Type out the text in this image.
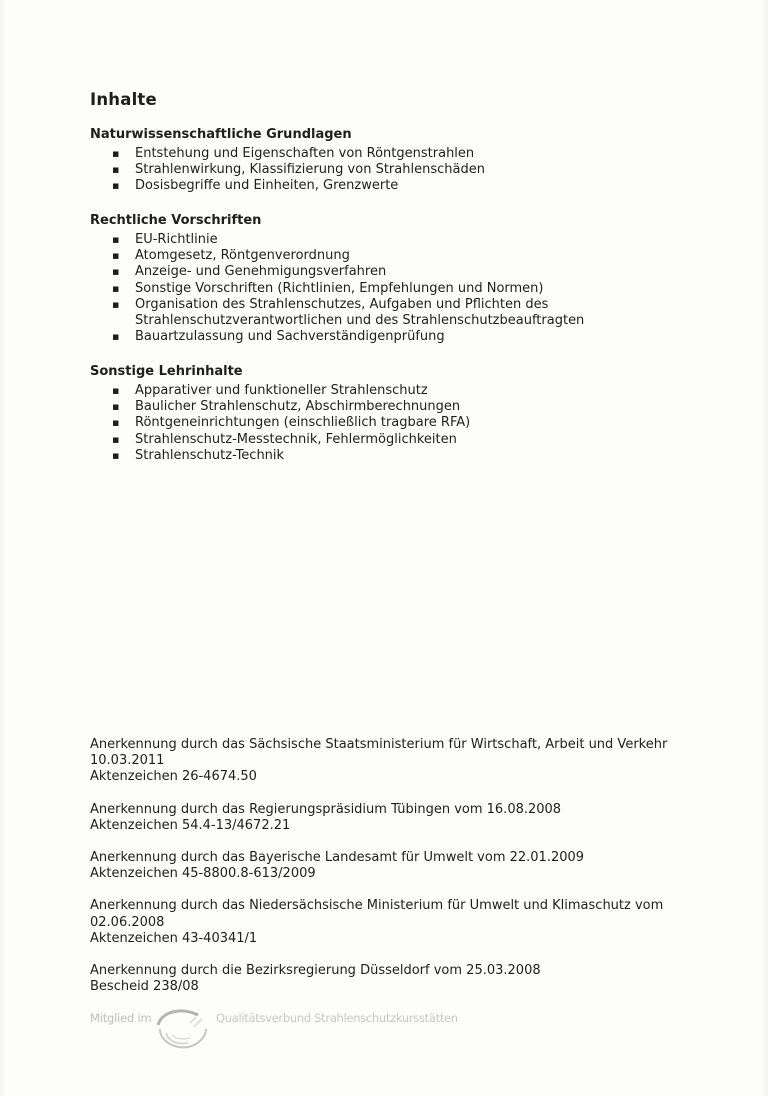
Inhalte
Naturwissenschaftliche Grundlagen
▪ Entstehung und Eigenschaften von Röntgenstrahlen
▪ Strahlenwirkung, Klassifizierung von Strahlenschäden
▪ Dosisbegriffe und Einheiten, Grenzwerte
Rechtliche Vorschriften
▪ EU-Richtlinie
▪ Atomgesetz, Röntgenverordnung
▪ Anzeige- und Genehmigungsverfahren
▪ Sonstige Vorschriften (Richtlinien, Empfehlungen und Normen)
▪ Organisation des Strahlenschutzes, Aufgaben und Pflichten des
Strahlenschutzverantwortlichen und des Strahlenschutzbeauftragten
▪ Bauartzulassung und Sachverständigenprüfung
Sonstige Lehrinhalte
▪ Apparativer und funktioneller Strahlenschutz
▪ Baulicher Strahlenschutz, Abschirmberechnungen
▪ Röntgeneinrichtungen (einschließlich tragbare RFA)
▪ Strahlenschutz-Messtechnik, Fehlermöglichkeiten
▪ Strahlenschutz-Technik
Anerkennung durch das Sächsische Staatsministerium für Wirtschaft, Arbeit und Verkehr
10.03.2011
Aktenzeichen 26-4674.50
Anerkennung durch das Regierungspräsidium Tübingen vom 16.08.2008
Aktenzeichen 54.4-13/4672.21
Anerkennung durch das Bayerische Landesamt für Umwelt vom 22.01.2009
Aktenzeichen 45-8800.8-613/2009
Anerkennung durch das Niedersächsische Ministerium für Umwelt und Klimaschutz vom
02.06.2008
Aktenzeichen 43-40341/1
Anerkennung durch die Bezirksregierung Düsseldorf vom 25.03.2008
Bescheid 238/08
Mitglied im	Qualitätsverbund Strahlenschutzkursstätten
